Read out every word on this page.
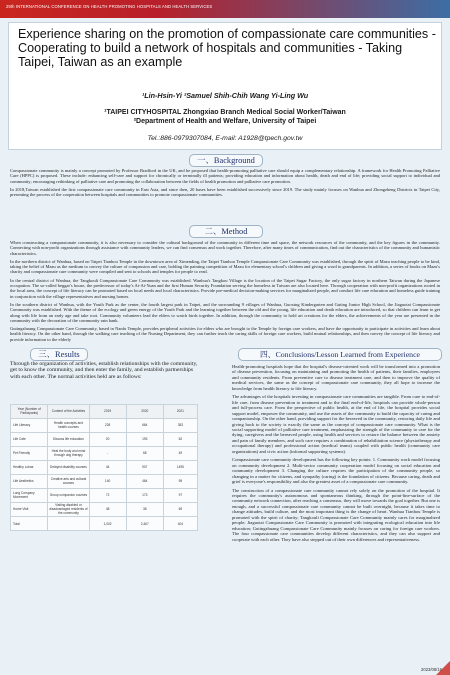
29th INTERNATIONAL CONFERENCE ON HEALTH PROMOTING HOSPITALS AND HEALTH SERVICES
Experience sharing on the promotion of compassionate care communities - Cooperating to build a network of hospitals and communities - Taking Taipei, Taiwan as an example
¹Lin-Hsin-Yi ²Samuel Shih-Chih Wang Yi-Ling Wu
¹TAIPEI CITYHOSPITAL Zhongxiao Branch Medical Social Worker/Taiwan
²Department of Health and Welfare, University of Taipei
Tel.:886-0979307084, E-mail: A1928@tpech.gov.tw
一、Background

Compassionate community is mainly a concept promoted by Professor Bradford in the UK, and he proposed that health-promoting palliative care should equip a complementary relationship. A framework for Health Promoting Palliative Care (HPPC) is proposed. These include: enhancing self-care and support for chronically or terminally ill patients; providing education and information about health, death and end of life; providing social support to individual and community; encouraging rethinking of palliative care and promoting the collaboration between the fields of health promotion and palliative care promotion.

In 2018,Taiwan established the first compassionate care community in East Asia, and since then, 20 bases have been established successively since 2019. The study mainly focuses on Wanhua and Zhongzheng Districts in Taipei City, presenting the process of the cooperation between hospitals and communities to promote compassionate communities.

二、Method

When constructing a compassionate community, it is also necessary to consider the cultural background of the community in different time and space, the network resources of the community, and the key figures in the community. Connecting with non-profit organizations through assistance with community leaders, we can find consensus and work together. Therefore, after many times of communication, find out the characteristics of the community and humanistic characteristics.

In the northern district of Wanhua, based on Taipei Tianhou Temple in the downtown area of Ximending, the Taipei Tianhou Temple Compassionate Care Community was established, through the spirit of Mazu teaching people to be kind, taking the belief of Mazu as the medium to convey the culture of compassion and care, holding the painting competition of Mazu for elementary school's children and giving a word to grandparents. In addition, a series of books on Mazu's charity and compassionate care community were compiled and sent to schools and temples for people to read.

In the central district of Wanhua, the Tangkouli Compassionate Care Community was established. Wanhua's Tangkou Village is the location of the Taipei Sugar Factory, the only sugar factory in northern Taiwan during the Japanese occupation. The so-called beggar's house, the predecessor of today's Ai-Ai-Yuan and the first Human Security Foundation serving the homeless in Taiwan are also located here. Through cooperation with non-profit organizations rooted in the local area, the concept of life literacy can be promoted based on local needs and local characteristics. Provide pre-medical decision-making services for marginalized people, and conduct life care education and homeless guide training in conjunction with the village representatives and nursing homes.

In the southern district of Wanhua, with the Youth Park as the center, the fourth largest park in Taipei, and the surrounding 9 villages of Wanhua, Guoxing Kindergarten and Guting Junior High School, the Jiaguotai Compassionate Community was established. With the theme of the ecology and green energy of the Youth Park and the learning together between the old and the young, life education and death education are introduced, so that children can learn to get along with life from an early age and take root. Community volunteers lead the elders to watch birds together. In addition, through the community to hold art creations for the elders, the achievements of the year are presented in the community with the decoration of the community rain bank.

Gutingzhuang Compassionate Care Community, based in Nanfu Temple, provides peripheral activities for elders who are brought to the Temple by foreign care workers, and have the opportunity to participate in activities and learn about health literacy. On the other hand, through the walking care teaching of the Nursing Department, they can further teach the caring skills of foreign care workers, build mutual relationships, and then convey the concept of life literacy and provide information to the elderly

三、Results
Through the organization of activities, establish relationships with the community, get to know the community, and then enter the family, and establish partnerships with each other. The normal activities held are as follows:
Year (Number of Participants)	Content of the Activities	2019	2020	2021
Life Literacy	Health concepts and health courses	228	664	353
Life Cafe	Discuss life education	20	193	62
Pet Friendly	Heal the body and mind through dog therapy	-	68	49
Healthy Lohas	Delayed disability courses	44	907	1495
Life Aesthetics	Creative arts and cultural courses	140	464	95
Long Company Movement	Group companion courses	72	173	97
Home Visit	Visiting disabled or disadvantaged residents of the community	48	38	69
Total		1,002	2,467	404
四、Conclusions/Lesson Learned from Experience

Health-promoting hospitals hope that the hospital's disease-oriented work will be transformed into a promotion of disease prevention, focusing on maintaining and promoting the health of patients, their families, employees and community residents. From preventive care to disease treatment care, and then to improve the quality of medical services, the same as the concept of compassionate care community, they all hope to increase the knowledge from health literacy to life literacy.

The advantages of the hospitals investing in compassionate care communities are tangible. From cure to end-of-life care, from disease prevention to treatment and to the final end-of-life, hospitals can provide whole-person and full-process care. From the perspective of public health, at the end of life, the hospital provides social support model, empower the community, and use the assets of the community to build the capacity of caring and companionship. On the other hand, providing support for the bereaved in the community, restoring daily life and giving back to the society is exactly the same as the concept of compassionate care community. What is the social supporting model of palliative care treatment, emphasizing the strength of the community to care for the dying, caregivers and the bereaved people, using health and services to restore the balance between the anxiety and pain of family members, and such care requires a combination of rehabilitation science (physiotherapy and occupational therapy) and professional action (medical teams) coupled with public health (community care organizations) and civic action (informal supporting systems).

Compassionate care community development has the following key points: 1. Community work model focusing on community development 2. Multi-sector community cooperation model focusing on social education and community development 3. Changing the culture requires the participation of the community people, so changing in a matter for citizens, and sympathy (caring) is the foundation of citizens. Because caring, death and grief is everyone's responsibility and also the greatest asset of a compassionate care community.

The construction of a compassionate care community cannot rely solely on the promotion of the hospital. It requires the community's autonomous and spontaneous thinking, through the point-line-surface of the community network connection, after reaching a consensus, they will move towards the goal together. But one is enough, and a successful compassionate care community cannot be built overnight, because it takes time to change attitudes, build culture, and the most important thing is the change of heart. Wanhua Tianhou Temple is promoted with the spirit of charity; Tangkouli Compassionate Care Community mainly cares for marginalized people; Jiaguotai Compassionate Care Community is promoted with integrating ecological education into life education; Gutingzhuang Compassionate Care Community mainly focuses on caring for foreign care workers. The four compassionate care communities develop different characteristics, and they can also support and cooperate with each other. They have also stepped out of their own differences and representativeness.

2023/08/15
